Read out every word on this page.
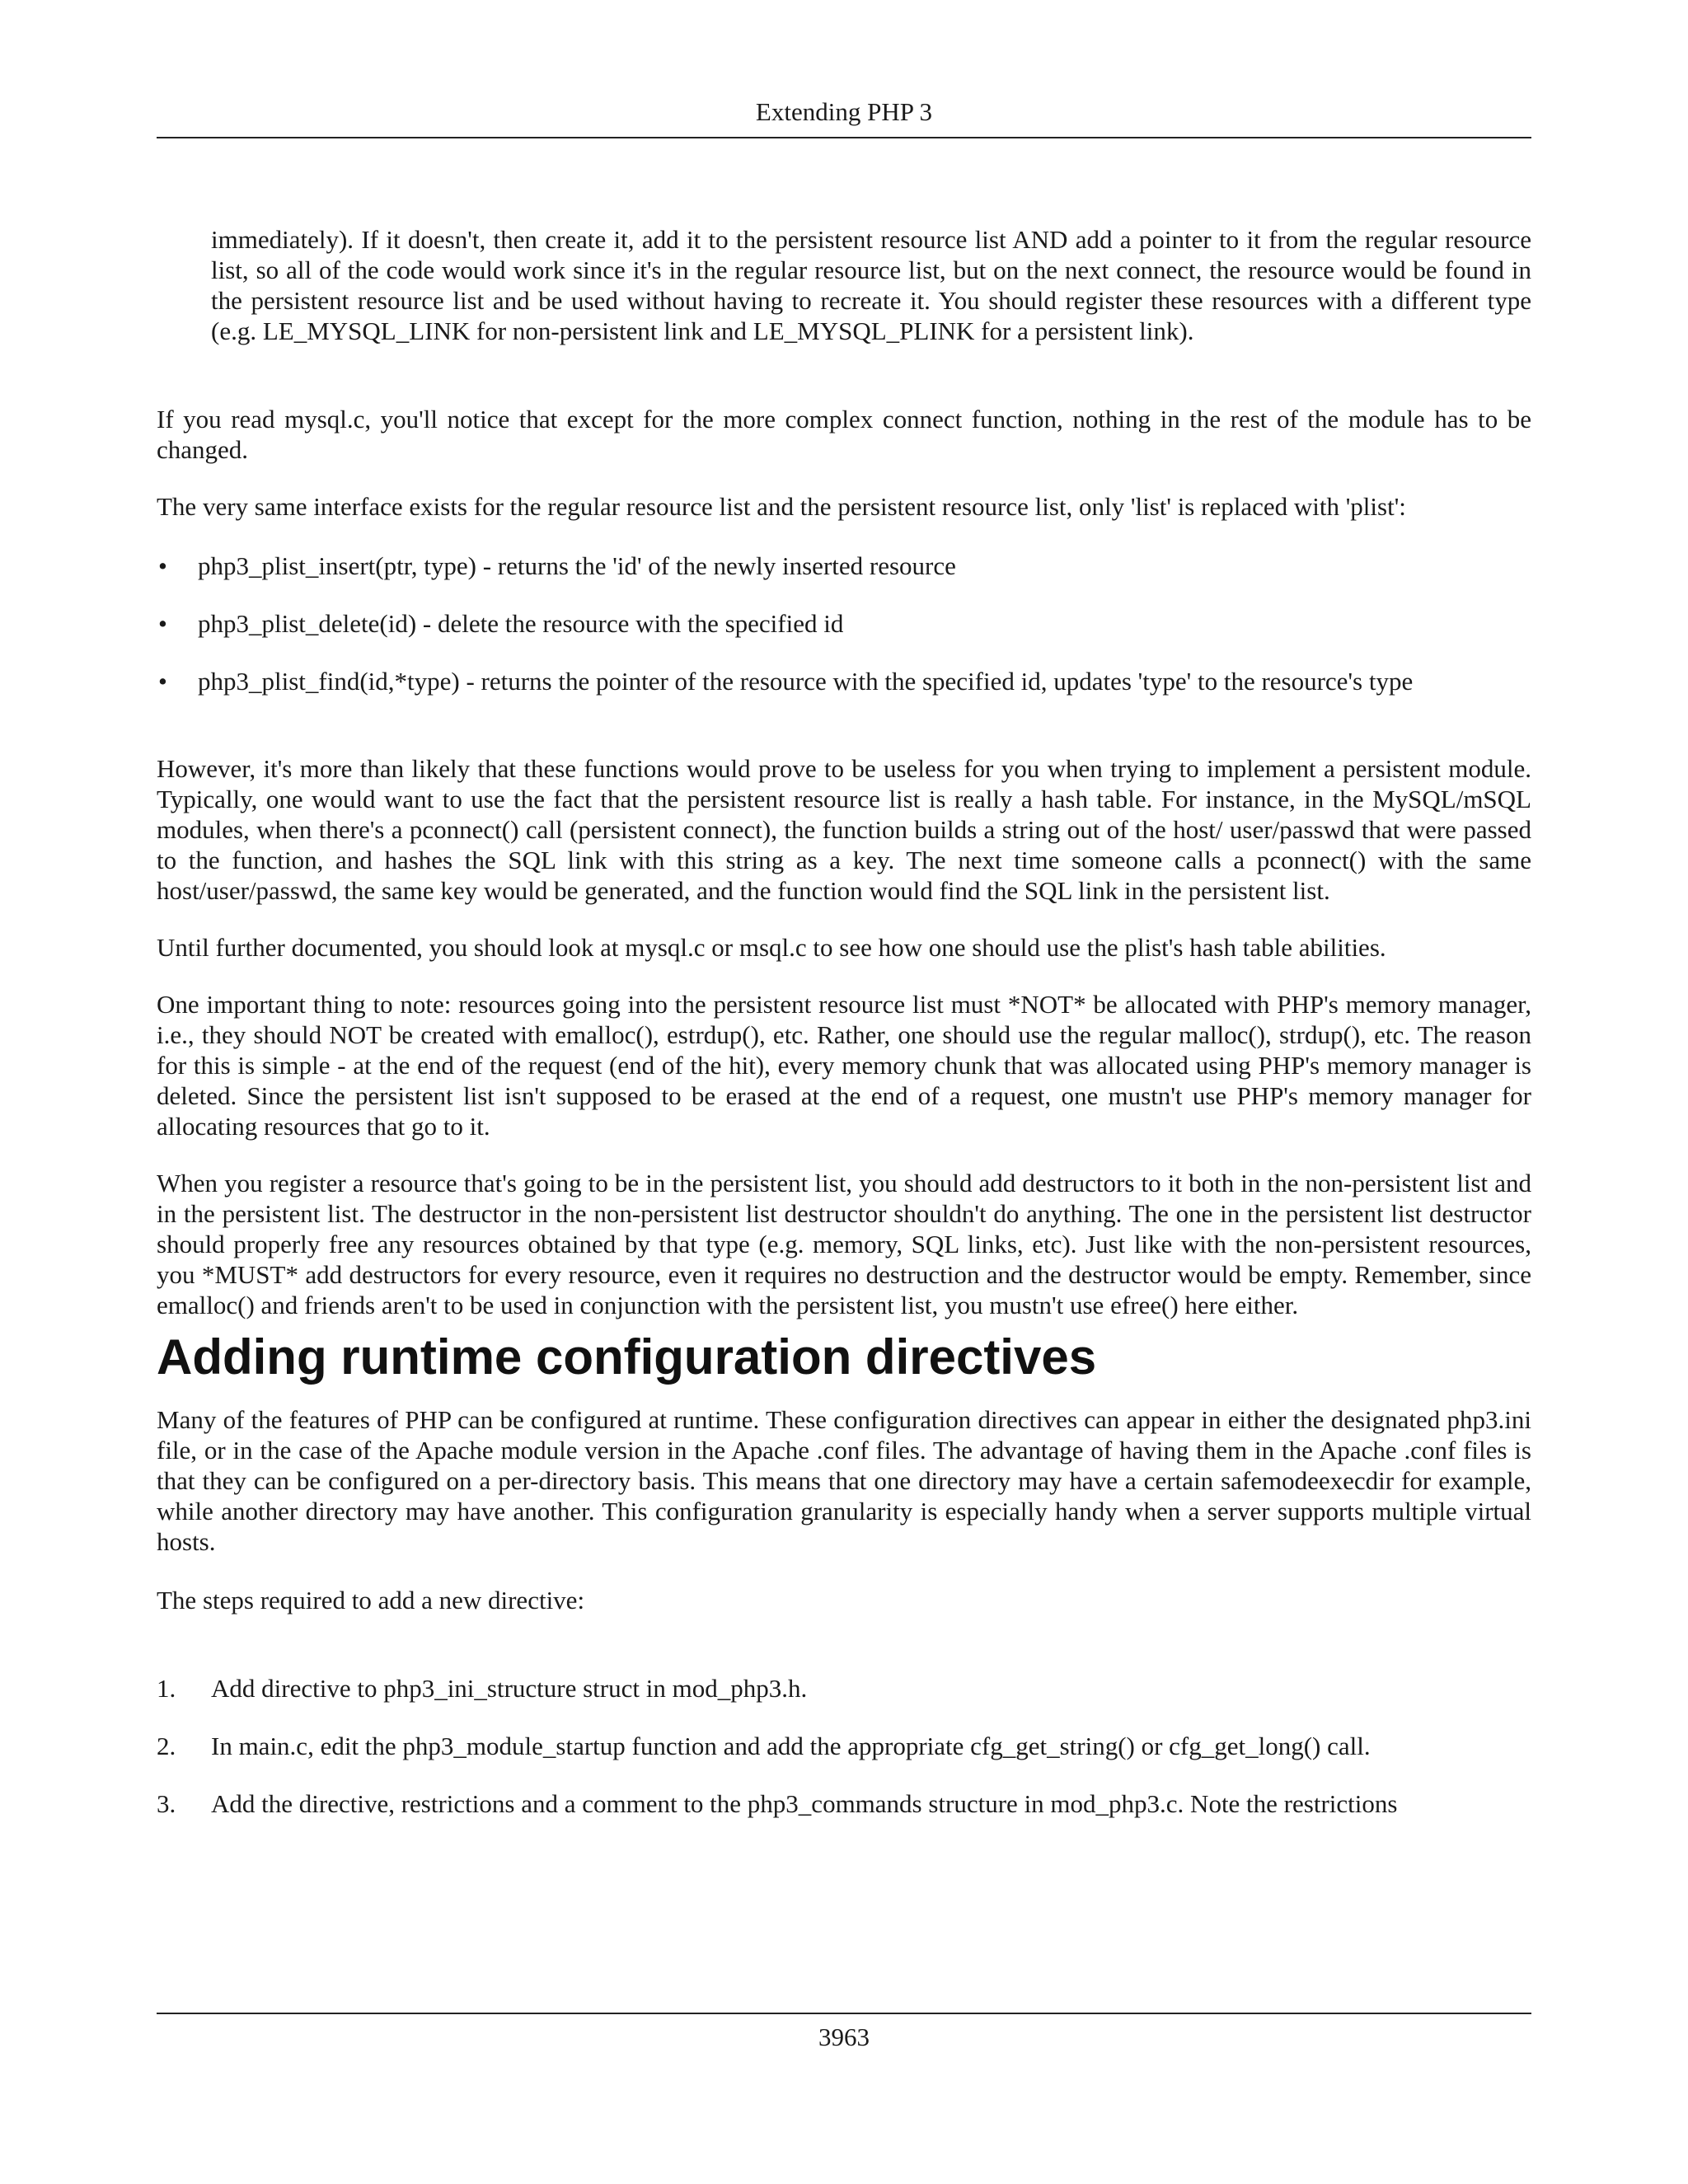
Extending PHP 3

immediately). If it doesn't, then create it, add it to the persistent resource list AND add a pointer to it from the regular resource list, so all of the code would work since it's in the regular resource list, but on the next connect, the resource would be found in the persistent resource list and be used without having to recreate it. You should register these resources with a different type (e.g. LE_MYSQL_LINK for non-persistent link and LE_MYSQL_PLINK for a persistent link).

If you read mysql.c, you'll notice that except for the more complex connect function, nothing in the rest of the module has to be changed.

The very same interface exists for the regular resource list and the persistent resource list, only 'list' is replaced with 'plist':

• php3_plist_insert(ptr, type) - returns the 'id' of the newly inserted resource
• php3_plist_delete(id) - delete the resource with the specified id
• php3_plist_find(id,*type) - returns the pointer of the resource with the specified id, updates 'type' to the resource's type

However, it's more than likely that these functions would prove to be useless for you when trying to implement a persistent module. Typically, one would want to use the fact that the persistent resource list is really a hash table. For instance, in the MySQL/mSQL modules, when there's a pconnect() call (persistent connect), the function builds a string out of the host/ user/passwd that were passed to the function, and hashes the SQL link with this string as a key. The next time someone calls a pconnect() with the same host/user/passwd, the same key would be generated, and the function would find the SQL link in the persistent list.

Until further documented, you should look at mysql.c or msql.c to see how one should use the plist's hash table abilities.

One important thing to note: resources going into the persistent resource list must *NOT* be allocated with PHP's memory manager, i.e., they should NOT be created with emalloc(), estrdup(), etc. Rather, one should use the regular malloc(), strdup(), etc. The reason for this is simple - at the end of the request (end of the hit), every memory chunk that was allocated using PHP's memory manager is deleted. Since the persistent list isn't supposed to be erased at the end of a request, one mustn't use PHP's memory manager for allocating resources that go to it.

When you register a resource that's going to be in the persistent list, you should add destructors to it both in the non-persistent list and in the persistent list. The destructor in the non-persistent list destructor shouldn't do anything. The one in the persistent list destructor should properly free any resources obtained by that type (e.g. memory, SQL links, etc). Just like with the non-persistent resources, you *MUST* add destructors for every resource, even it requires no destruction and the destructor would be empty. Remember, since emalloc() and friends aren't to be used in conjunction with the persistent list, you mustn't use efree() here either.

Adding runtime configuration directives

Many of the features of PHP can be configured at runtime. These configuration directives can appear in either the designated php3.ini file, or in the case of the Apache module version in the Apache .conf files. The advantage of having them in the Apache .conf files is that they can be configured on a per-directory basis. This means that one directory may have a certain safemodeexecdir for example, while another directory may have another. This configuration granularity is especially handy when a server supports multiple virtual hosts.

The steps required to add a new directive:

1. Add directive to php3_ini_structure struct in mod_php3.h.
2. In main.c, edit the php3_module_startup function and add the appropriate cfg_get_string() or cfg_get_long() call.
3. Add the directive, restrictions and a comment to the php3_commands structure in mod_php3.c. Note the restrictions
3963
